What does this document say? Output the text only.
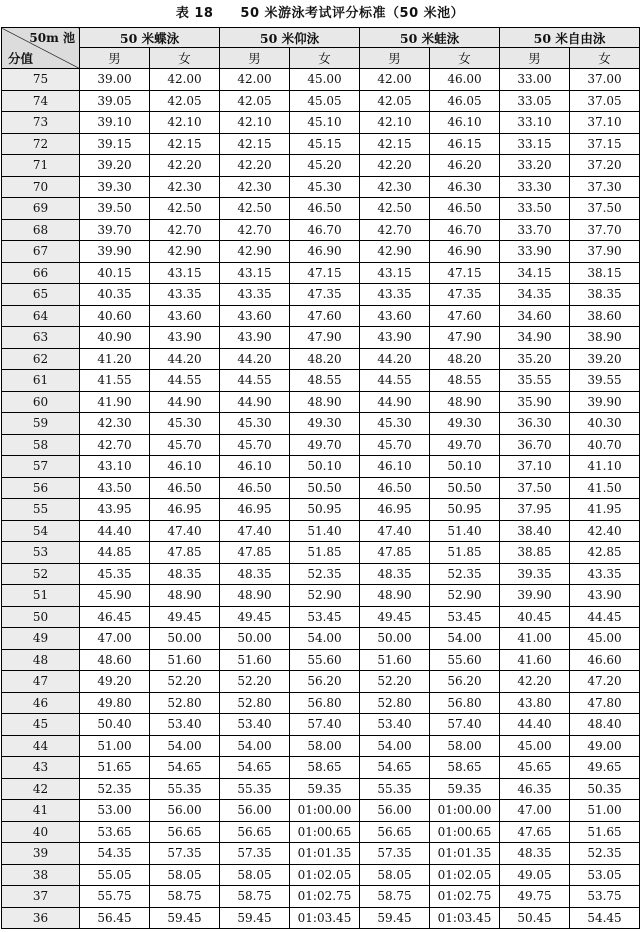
表 18　　50 米游泳考试评分标准（50 米池）
50m 池
分值	50 米蝶泳		50 米仰泳		50 米蛙泳		50 米自由泳	
	男	女	男	女	男	女	男	女
75	39.00	42.00	42.00	45.00	42.00	46.00	33.00	37.00
74	39.05	42.05	42.05	45.05	42.05	46.05	33.05	37.05
73	39.10	42.10	42.10	45.10	42.10	46.10	33.10	37.10
72	39.15	42.15	42.15	45.15	42.15	46.15	33.15	37.15
71	39.20	42.20	42.20	45.20	42.20	46.20	33.20	37.20
70	39.30	42.30	42.30	45.30	42.30	46.30	33.30	37.30
69	39.50	42.50	42.50	46.50	42.50	46.50	33.50	37.50
68	39.70	42.70	42.70	46.70	42.70	46.70	33.70	37.70
67	39.90	42.90	42.90	46.90	42.90	46.90	33.90	37.90
66	40.15	43.15	43.15	47.15	43.15	47.15	34.15	38.15
65	40.35	43.35	43.35	47.35	43.35	47.35	34.35	38.35
64	40.60	43.60	43.60	47.60	43.60	47.60	34.60	38.60
63	40.90	43.90	43.90	47.90	43.90	47.90	34.90	38.90
62	41.20	44.20	44.20	48.20	44.20	48.20	35.20	39.20
61	41.55	44.55	44.55	48.55	44.55	48.55	35.55	39.55
60	41.90	44.90	44.90	48.90	44.90	48.90	35.90	39.90
59	42.30	45.30	45.30	49.30	45.30	49.30	36.30	40.30
58	42.70	45.70	45.70	49.70	45.70	49.70	36.70	40.70
57	43.10	46.10	46.10	50.10	46.10	50.10	37.10	41.10
56	43.50	46.50	46.50	50.50	46.50	50.50	37.50	41.50
55	43.95	46.95	46.95	50.95	46.95	50.95	37.95	41.95
54	44.40	47.40	47.40	51.40	47.40	51.40	38.40	42.40
53	44.85	47.85	47.85	51.85	47.85	51.85	38.85	42.85
52	45.35	48.35	48.35	52.35	48.35	52.35	39.35	43.35
51	45.90	48.90	48.90	52.90	48.90	52.90	39.90	43.90
50	46.45	49.45	49.45	53.45	49.45	53.45	40.45	44.45
49	47.00	50.00	50.00	54.00	50.00	54.00	41.00	45.00
48	48.60	51.60	51.60	55.60	51.60	55.60	41.60	46.60
47	49.20	52.20	52.20	56.20	52.20	56.20	42.20	47.20
46	49.80	52.80	52.80	56.80	52.80	56.80	43.80	47.80
45	50.40	53.40	53.40	57.40	53.40	57.40	44.40	48.40
44	51.00	54.00	54.00	58.00	54.00	58.00	45.00	49.00
43	51.65	54.65	54.65	58.65	54.65	58.65	45.65	49.65
42	52.35	55.35	55.35	59.35	55.35	59.35	46.35	50.35
41	53.00	56.00	56.00	01:00.00	56.00	01:00.00	47.00	51.00
40	53.65	56.65	56.65	01:00.65	56.65	01:00.65	47.65	51.65
39	54.35	57.35	57.35	01:01.35	57.35	01:01.35	48.35	52.35
38	55.05	58.05	58.05	01:02.05	58.05	01:02.05	49.05	53.05
37	55.75	58.75	58.75	01:02.75	58.75	01:02.75	49.75	53.75
36	56.45	59.45	59.45	01:03.45	59.45	01:03.45	50.45	54.45
